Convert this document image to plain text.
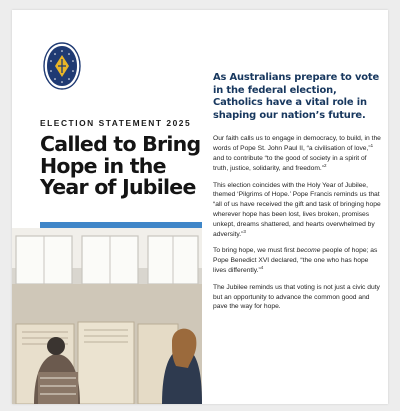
ELECTION STATEMENT 2025
Called to Bring
Hope in the
Year of Jubilee

As Australians prepare to vote in the federal election, Catholics have a vital role in shaping our nation’s future.

Our faith calls us to engage in democracy, to build, in the words of Pope St. John Paul II, “a civilisation of love,”$^1$ and to contribute “to the good of society in a spirit of truth, justice, solidarity, and freedom.”$^2$

This election coincides with the Holy Year of Jubilee, themed ‘Pilgrims of Hope.’ Pope Francis reminds us that “all of us have received the gift and task of bringing hope wherever hope has been lost, lives broken, promises unkept, dreams shattered, and hearts overwhelmed by adversity.”$^3$

To bring hope, we must first become people of hope; as Pope Benedict XVI declared, “the one who has hope lives differently.”$^4$

The Jubilee reminds us that voting is not just a civic duty but an opportunity to advance the common good and pave the way for hope.
